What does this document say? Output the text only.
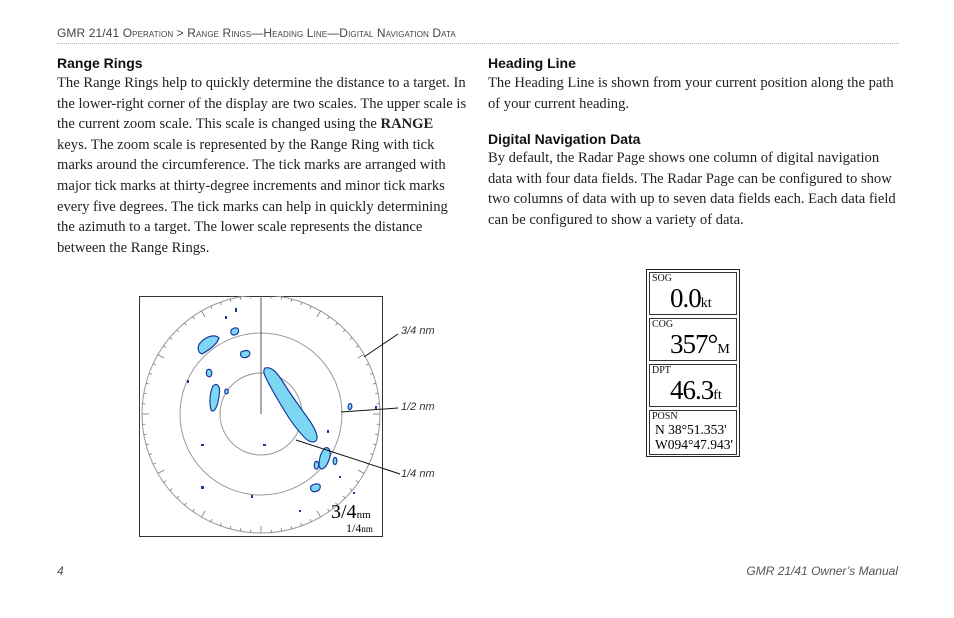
GMR 21/41 Operation > Range Rings—Heading Line—Digital Navigation Data
Range Rings

The Range Rings help to quickly determine the distance to a target. In the lower-right corner of the display are two scales. The upper scale is the current zoom scale. This scale is changed using the RANGE keys. The zoom scale is represented by the Range Ring with tick marks around the circumference. The tick marks are arranged with major tick marks at thirty-degree increments and minor tick marks every five degrees. The tick marks can help in quickly determining the azimuth to a target. The lower scale represents the distance between the Range Rings.

Heading Line

The Heading Line is shown from your current position along the path of your current heading.

Digital Navigation Data

By default, the Radar Page shows one column of digital navigation data with four data fields. The Radar Page can be configured to show two columns of data with up to seven data fields each. Each data field can be configured to show a variety of data.

3/4nm
1/4nm
3/4 nm
1/2 nm
1/4 nm
SOG
0.0kt
COG
357°M
DPT
46.3ft
POSN
N 38°51.353'
W094°47.943'
4	GMR 21/41 Owner’s Manual
